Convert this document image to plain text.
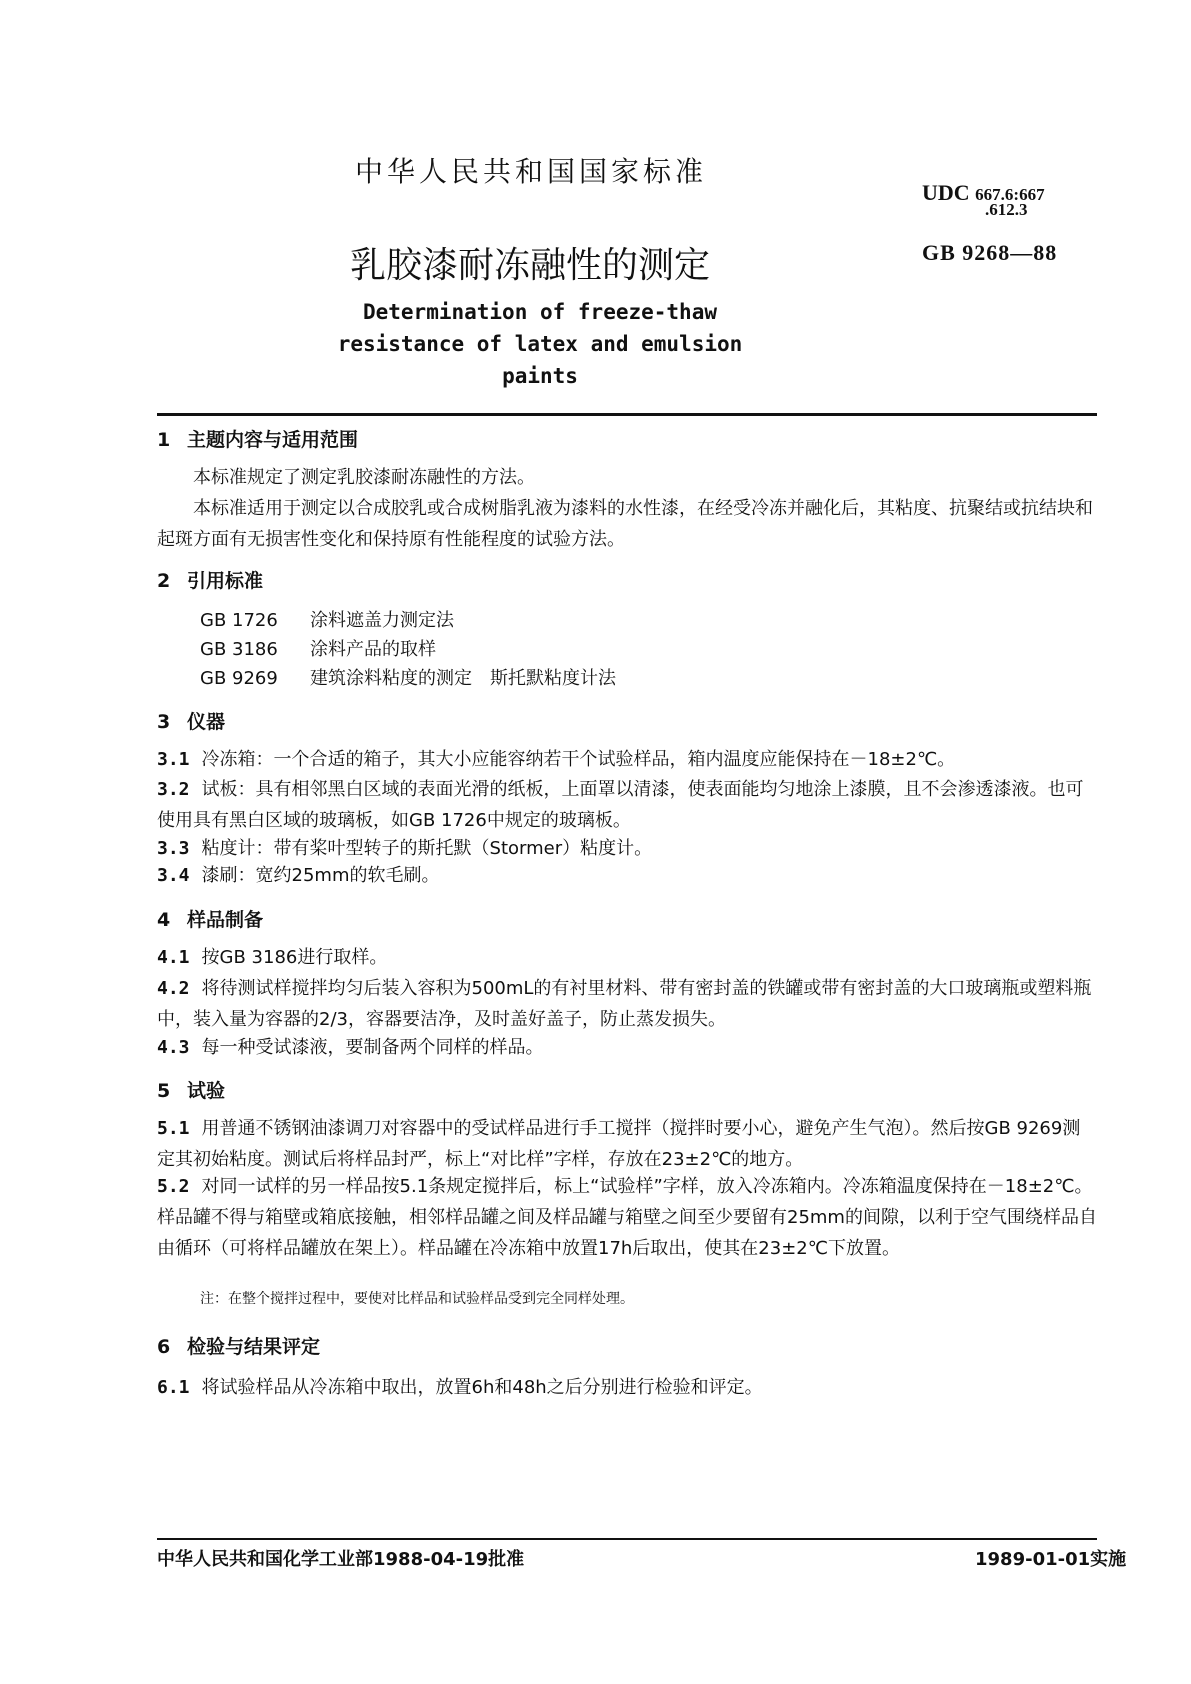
中华人民共和国国家标准
UDC 667.6:667
.612.3
GB 9268—88
乳胶漆耐冻融性的测定
Determination of freeze-thaw
resistance of latex and emulsion paints
1 主题内容与适用范围
本标准规定了测定乳胶漆耐冻融性的方法。
本标准适用于测定以合成胶乳或合成树脂乳液为漆料的水性漆，在经受冷冻并融化后，其粘度、抗聚结或抗结块和起斑方面有无损害性变化和保持原有性能程度的试验方法。
2 引用标准
GB 1726 涂料遮盖力测定法
GB 3186 涂料产品的取样
GB 9269 建筑涂料粘度的测定　斯托默粘度计法
3 仪器
3.1 冷冻箱：一个合适的箱子，其大小应能容纳若干个试验样品，箱内温度应能保持在－18±2℃。
3.2 试板：具有相邻黑白区域的表面光滑的纸板，上面罩以清漆，使表面能均匀地涂上漆膜，且不会渗透漆液。也可使用具有黑白区域的玻璃板，如GB 1726中规定的玻璃板。
3.3 粘度计：带有桨叶型转子的斯托默（Stormer）粘度计。
3.4 漆刷：宽约25mm的软毛刷。
4 样品制备
4.1 按GB 3186进行取样。
4.2 将待测试样搅拌均匀后装入容积为500mL的有衬里材料、带有密封盖的铁罐或带有密封盖的大口玻璃瓶或塑料瓶中，装入量为容器的2/3，容器要洁净，及时盖好盖子，防止蒸发损失。
4.3 每一种受试漆液，要制备两个同样的样品。
5 试验
5.1 用普通不锈钢油漆调刀对容器中的受试样品进行手工搅拌（搅拌时要小心，避免产生气泡）。然后按GB 9269测定其初始粘度。测试后将样品封严，标上“对比样”字样，存放在23±2℃的地方。
5.2 对同一试样的另一样品按5.1条规定搅拌后，标上“试验样”字样，放入冷冻箱内。冷冻箱温度保持在－18±2℃。样品罐不得与箱壁或箱底接触，相邻样品罐之间及样品罐与箱壁之间至少要留有25mm的间隙，以利于空气围绕样品自由循环（可将样品罐放在架上）。样品罐在冷冻箱中放置17h后取出，使其在23±2℃下放置。
注：在整个搅拌过程中，要使对比样品和试验样品受到完全同样处理。
6 检验与结果评定
6.1 将试验样品从冷冻箱中取出，放置6h和48h之后分别进行检验和评定。
中华人民共和国化学工业部1988-04-19批准	1989-01-01实施
